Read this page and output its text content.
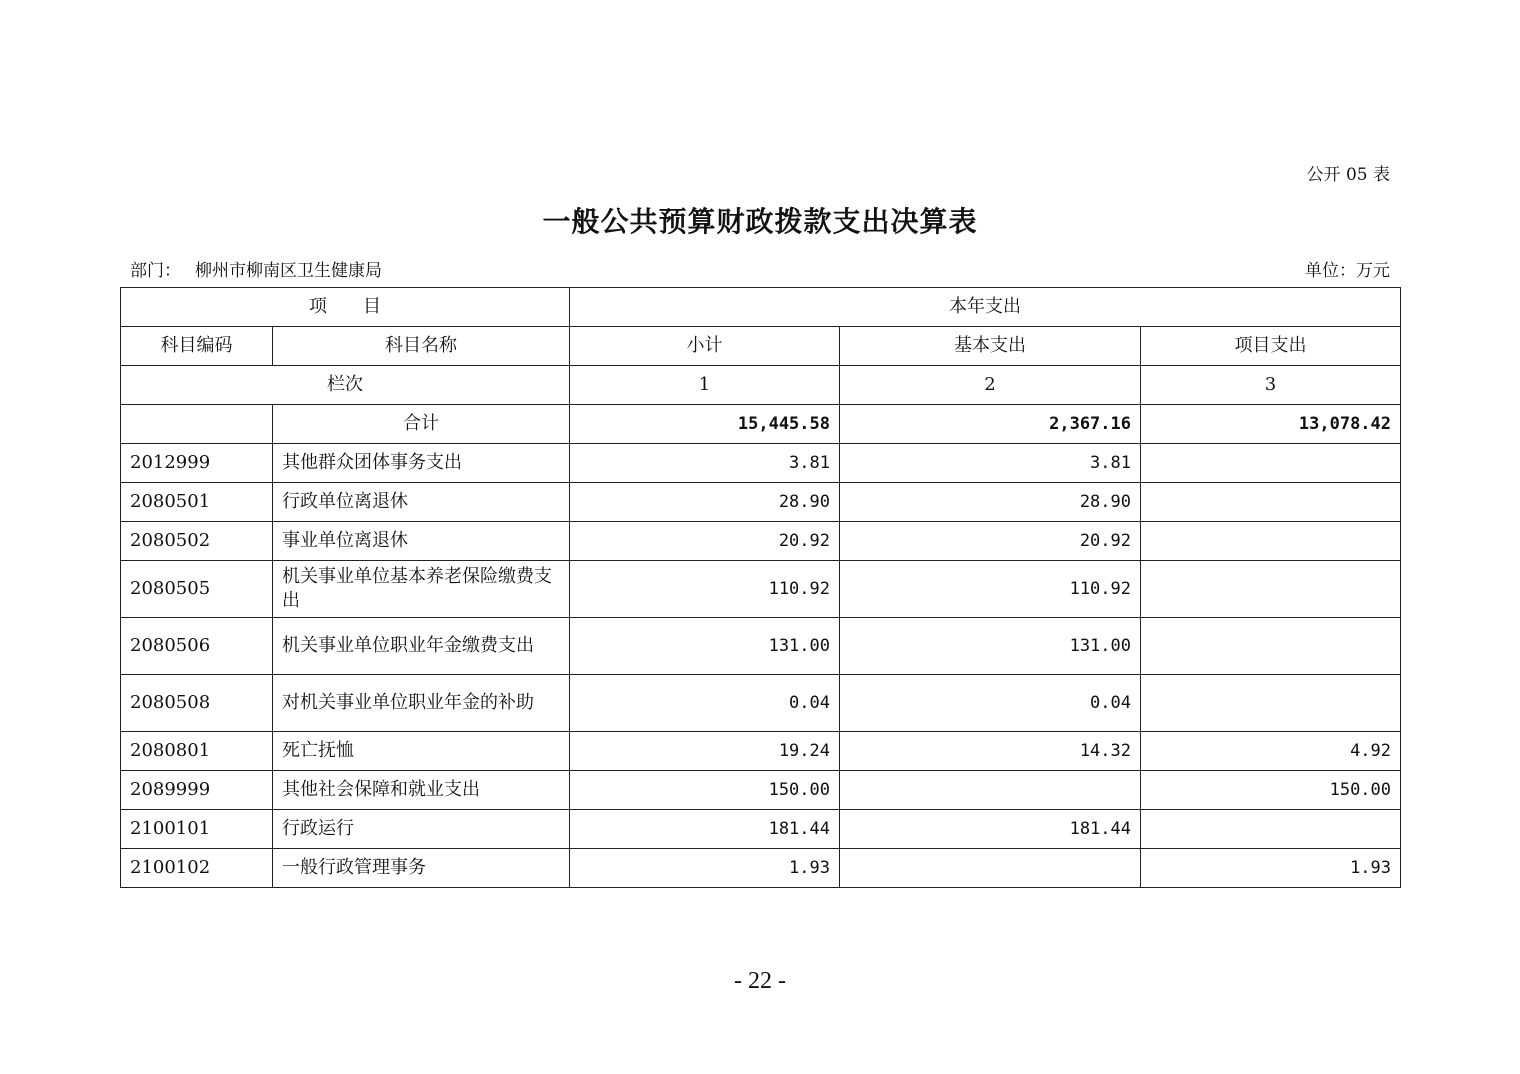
公开 05 表
一般公共预算财政拨款支出决算表
部门： 柳州市柳南区卫生健康局	单位：万元
项　　目		本年支出		
科目编码	科目名称	小计	基本支出	项目支出
栏次		1	2	3
	合计	15,445.58	2,367.16	13,078.42
2012999	其他群众团体事务支出	3.81	3.81	
2080501	行政单位离退休	28.90	28.90	
2080502	事业单位离退休	20.92	20.92	
2080505	机关事业单位基本养老保险缴费支出	110.92	110.92	
2080506	机关事业单位职业年金缴费支出	131.00	131.00	
2080508	对机关事业单位职业年金的补助	0.04	0.04	
2080801	死亡抚恤	19.24	14.32	4.92
2089999	其他社会保障和就业支出	150.00		150.00
2100101	行政运行	181.44	181.44	
2100102	一般行政管理事务	1.93		1.93
- 22 -
